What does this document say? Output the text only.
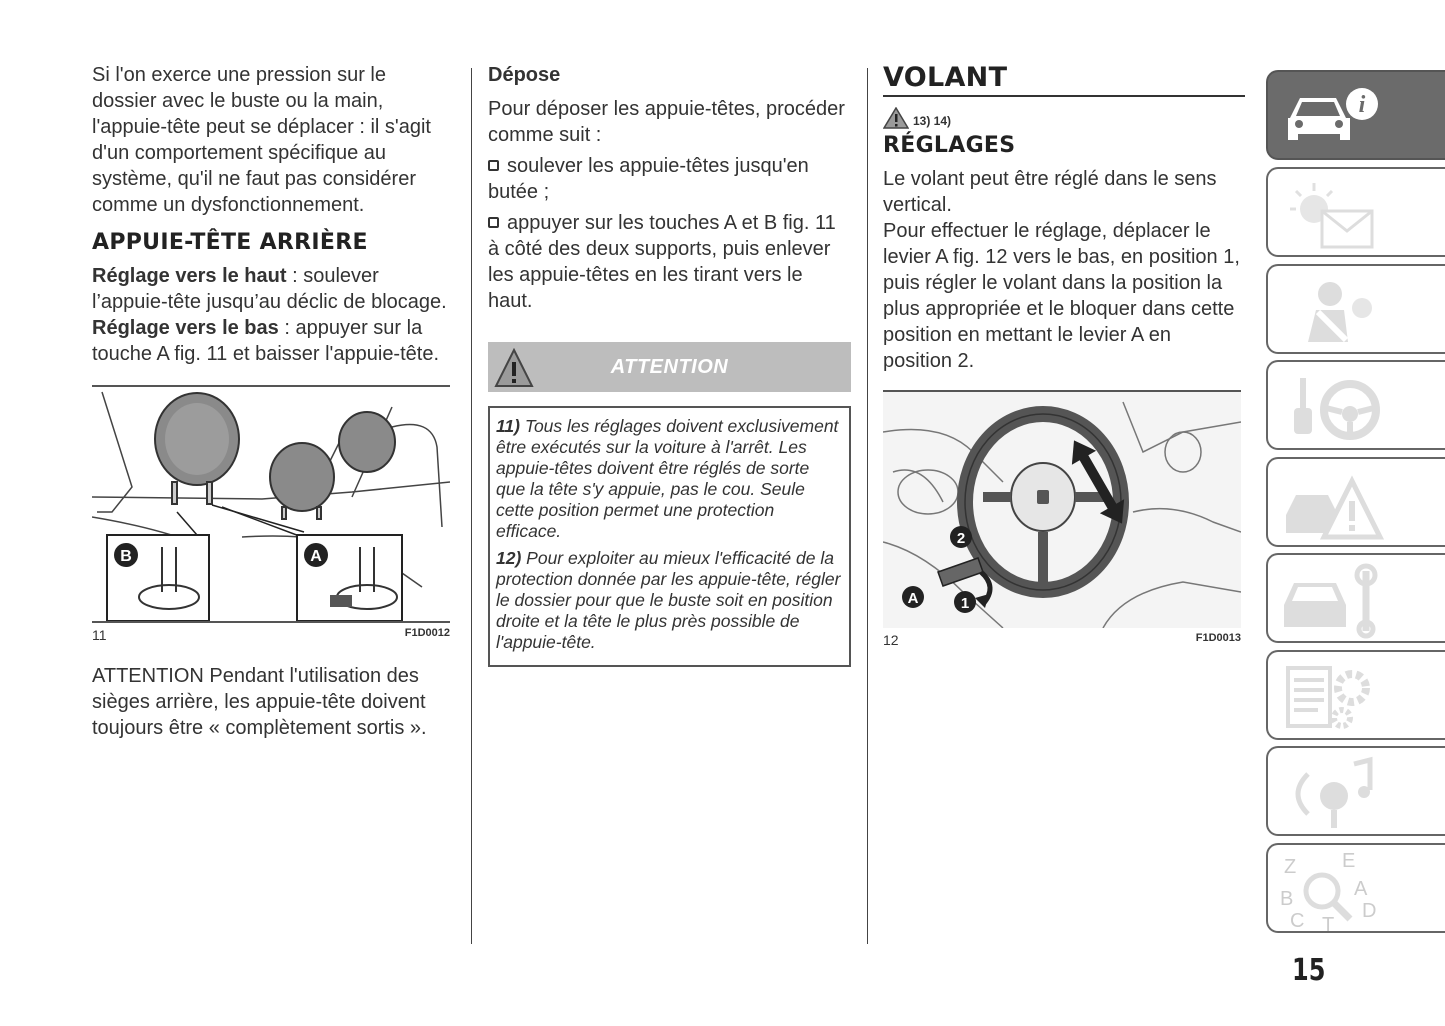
Si l'on exerce une pression sur le dossier avec le buste ou la main, l'appuie-tête peut se déplacer : il s'agit d'un comportement spécifique au système, qu'il ne faut pas considérer comme un dysfonctionnement.

APPUIE-TÊTE ARRIÈRE

Réglage vers le haut : soulever l’appuie-tête jusqu’au déclic de blocage.

Réglage vers le bas : appuyer sur la touche A fig. 11 et baisser l'appuie-tête.

B	A
11	F1D0012

ATTENTION Pendant l'utilisation des sièges arrière, les appuie-tête doivent toujours être « complètement sortis ».

Dépose

Pour déposer les appuie-têtes, procéder comme suit :

soulever les appuie-têtes jusqu'en butée ;

appuyer sur les touches A et B fig. 11 à côté des deux supports, puis enlever les appuie-têtes en les tirant vers le haut.

ATTENTION

11) Tous les réglages doivent exclusivement être exécutés sur la voiture à l'arrêt. Les appuie-têtes doivent être réglés de sorte que la tête s'y appuie, pas le cou. Seule cette position permet une protection efficace.

12) Pour exploiter au mieux l'efficacité de la protection donnée par les appuie-tête, régler le dossier pour que le buste soit en position droite et la tête le plus près possible de l'appuie-tête.

VOLANT
13) 14)
RÉGLAGES

Le volant peut être réglé dans le sens vertical.

Pour effectuer le réglage, déplacer le levier A fig. 12 vers le bas, en position 1, puis régler le volant dans la position la plus appropriée et le bloquer dans cette position en mettant le levier A en position 2.

2
A	1
12	F1D0013
i
Z E
B	A
C T
D
15
